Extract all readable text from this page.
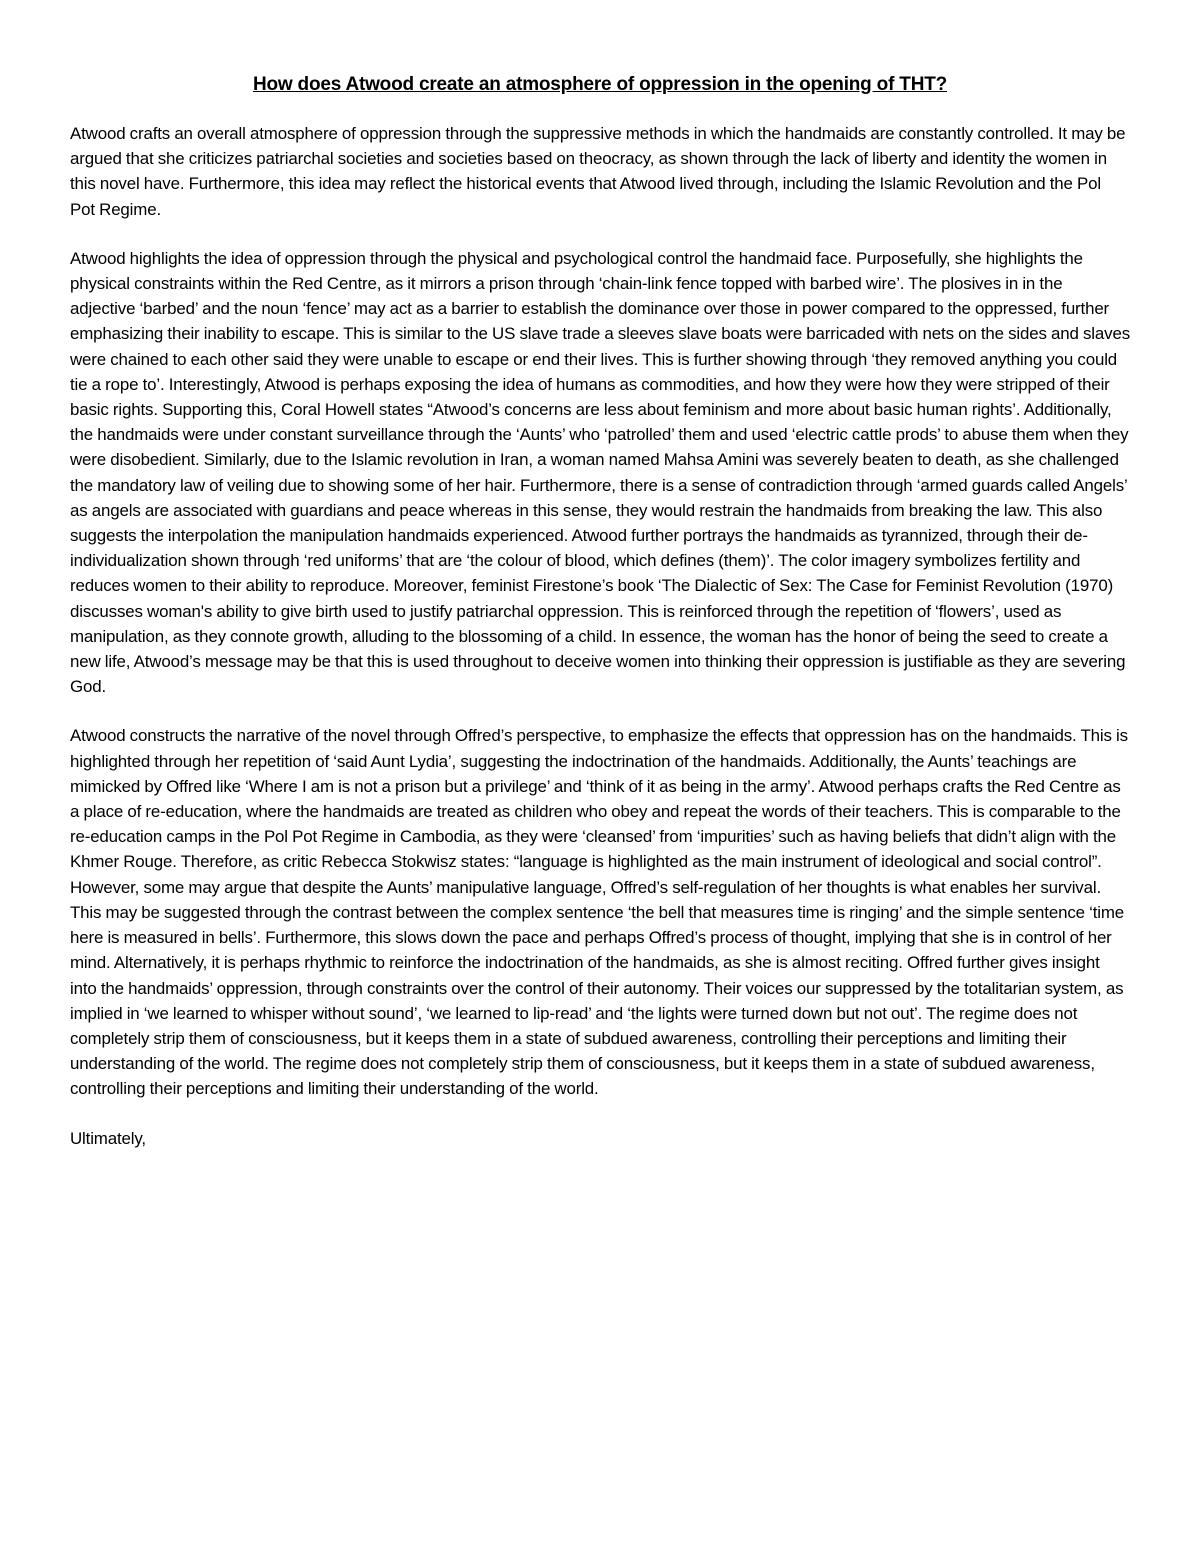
How does Atwood create an atmosphere of oppression in the opening of THT?

Atwood crafts an overall atmosphere of oppression through the suppressive methods in which the handmaids are constantly controlled. It may be argued that she criticizes patriarchal societies and societies based on theocracy, as shown through the lack of liberty and identity the women in this novel have. Furthermore, this idea may reflect the historical events that Atwood lived through, including the Islamic Revolution and the Pol Pot Regime.

Atwood highlights the idea of oppression through the physical and psychological control the handmaid face. Purposefully, she highlights the physical constraints within the Red Centre, as it mirrors a prison through ‘chain-link fence topped with barbed wire’. The plosives in in the adjective ‘barbed’ and the noun ‘fence’ may act as a barrier to establish the dominance over those in power compared to the oppressed, further emphasizing their inability to escape. This is similar to the US slave trade a sleeves slave boats were barricaded with nets on the sides and slaves were chained to each other said they were unable to escape or end their lives. This is further showing through ‘they removed anything you could tie a rope to’. Interestingly, Atwood is perhaps exposing the idea of humans as commodities, and how they were how they were stripped of their basic rights. Supporting this, Coral Howell states “Atwood’s concerns are less about feminism and more about basic human rights’. Additionally, the handmaids were under constant surveillance through the ‘Aunts’ who ‘patrolled’ them and used ‘electric cattle prods’ to abuse them when they were disobedient. Similarly, due to the Islamic revolution in Iran, a woman named Mahsa Amini was severely beaten to death, as she challenged the mandatory law of veiling due to showing some of her hair. Furthermore, there is a sense of contradiction through ‘armed guards called Angels’ as angels are associated with guardians and peace whereas in this sense, they would restrain the handmaids from breaking the law. This also suggests the interpolation the manipulation handmaids experienced. Atwood further portrays the handmaids as tyrannized, through their de-individualization shown through ‘red uniforms’ that are ‘the colour of blood, which defines (them)’. The color imagery symbolizes fertility and reduces women to their ability to reproduce. Moreover, feminist Firestone’s book ‘The Dialectic of Sex: The Case for Feminist Revolution (1970) discusses woman's ability to give birth used to justify patriarchal oppression. This is reinforced through the repetition of ‘flowers’, used as manipulation, as they connote growth, alluding to the blossoming of a child. In essence, the woman has the honor of being the seed to create a new life, Atwood’s message may be that this is used throughout to deceive women into thinking their oppression is justifiable as they are severing God.

Atwood constructs the narrative of the novel through Offred’s perspective, to emphasize the effects that oppression has on the handmaids. This is highlighted through her repetition of ‘said Aunt Lydia’, suggesting the indoctrination of the handmaids. Additionally, the Aunts’ teachings are mimicked by Offred like ‘Where I am is not a prison but a privilege’ and ‘think of it as being in the army’. Atwood perhaps crafts the Red Centre as a place of re-education, where the handmaids are treated as children who obey and repeat the words of their teachers. This is comparable to the re-education camps in the Pol Pot Regime in Cambodia, as they were ‘cleansed’ from ‘impurities’ such as having beliefs that didn’t align with the Khmer Rouge. Therefore, as critic Rebecca Stokwisz states: “language is highlighted as the main instrument of ideological and social control”. However, some may argue that despite the Aunts’ manipulative language, Offred’s self-regulation of her thoughts is what enables her survival. This may be suggested through the contrast between the complex sentence ‘the bell that measures time is ringing’ and the simple sentence ‘time here is measured in bells’. Furthermore, this slows down the pace and perhaps Offred’s process of thought, implying that she is in control of her mind. Alternatively, it is perhaps rhythmic to reinforce the indoctrination of the handmaids, as she is almost reciting. Offred further gives insight into the handmaids’ oppression, through constraints over the control of their autonomy. Their voices our suppressed by the totalitarian system, as implied in ‘we learned to whisper without sound’, ‘we learned to lip-read’ and ‘the lights were turned down but not out’. The regime does not completely strip them of consciousness, but it keeps them in a state of subdued awareness, controlling their perceptions and limiting their understanding of the world. The regime does not completely strip them of consciousness, but it keeps them in a state of subdued awareness, controlling their perceptions and limiting their understanding of the world.

Ultimately,
